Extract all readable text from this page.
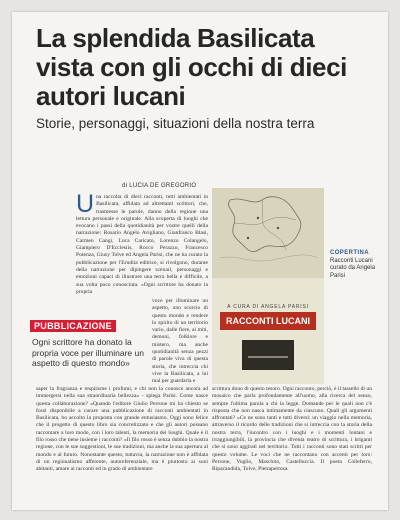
La splendida Basilicata vista con gli occhi di dieci autori lucani
Storie, personaggi, situazioni della nostra terra
di LUCIA DE GREGORIO
Una raccolta di dieci racconti, tutti ambientati in Basilicata, affidata ad altrettanti scrittori, che, trasmesse le parole, danno della regione una lettura personale e originale. Alla scoperta di luoghi che evocano i passi della quotidianità per vostre quelli della narrazione: Rosario Angelo Avigliano, Gianfranco Blasi, Carmen Cangi, Luca Caricato, Lorenzo Colangelo, Giampiero D'Ecclesiis, Rocco Perazzo, Francesco Potenza, Giusy Tolve ed Angela Parisi, che ne ha curato la pubblicazione per l'Erudita editrice, si rivolgono, durante della narrazione per dipingere scenari, personaggi e emozioni capaci di illustrare una terra bella e difficile, a sua volta poco conosciuta. «Ogni scrittore ha donato la propria
voce per illuminare un aspetto, uno scorcio di questo mondo e rendere lo spirito di un territorio vario, dalle fiere, ai miti, demoni, folklore e mistero, ma anche quotidianità senza pezzi di parole viva di questa storia, che intreccia chi vive la Basilicata, a lui mai per guardarla e
saper la fragranza e respirarne i profumi, e chi non la conosce ancora ad immergersi nella sua straordinaria bellezza» - spiega Parisi. Come nasce questa collaborazione? «Quando l'editore Giulio Perrone mi ha chiesto se fossi disponibile a curare una pubblicazione di racconti ambientati in Basilicata, ho accolto la proposta con grande entusiasmo. Oggi sono felice che il progetto di questo libro sia concretizzato e che gli autori possano raccontare a loro modo, con i loro talenti, la memoria dei luoghi. Quale è il filo rosso che tiene insieme i racconti? «Il filo rosso è senza dubbio la nostra regione, con le sue suggestioni, le sue tradizioni, ma anche la sua apertura al mondo e al futuro. Nonostante questo, tuttavia, la narrazione non è affidata di un regionalismo afferente, autoreferenziale, ma è piuttosto ai suoi abitanti, amare ai racconti ed in grado di ambientare
scrittura dono di questo tesoro. Ogni racconto, perciò, è il tassello di un mosaico che parla profondamente all'uomo, alla ricerca del senso, sempre l'ultima parola a chi la legge. Domande per le quali non c'è risposta che non nasca intimamente da ciascuno. Quali gli argomenti affrontati? «Ce ne sono tanti e tutti diversi: un viaggio nella memoria, attraverso il ricordo delle tradizioni che si intreccia con la storia della nostra terra, l'incontro con i luoghi e i momenti lontani e irraggiungibili, la provincia che diventa teatro di scrittura, i briganti che si sono aggirati nel territorio. Tutti i racconti sono stati scritti per questo volume. Le voci che ne raccontano con accenti per loro: Perrone, Voglio, Maschito, Castelluccia. Il poeta Colleferro, Ripacandida, Tolve, Pietrapertosa.
PUBBLICAZIONE
Ogni scrittore ha donato la propria voce per illuminare un aspetto di questo mondo»
A CURA DI ANGELA PARISI
RACCONTI LUCANI
COPERTINA
Racconti Lucani curato da Angela Parisi
